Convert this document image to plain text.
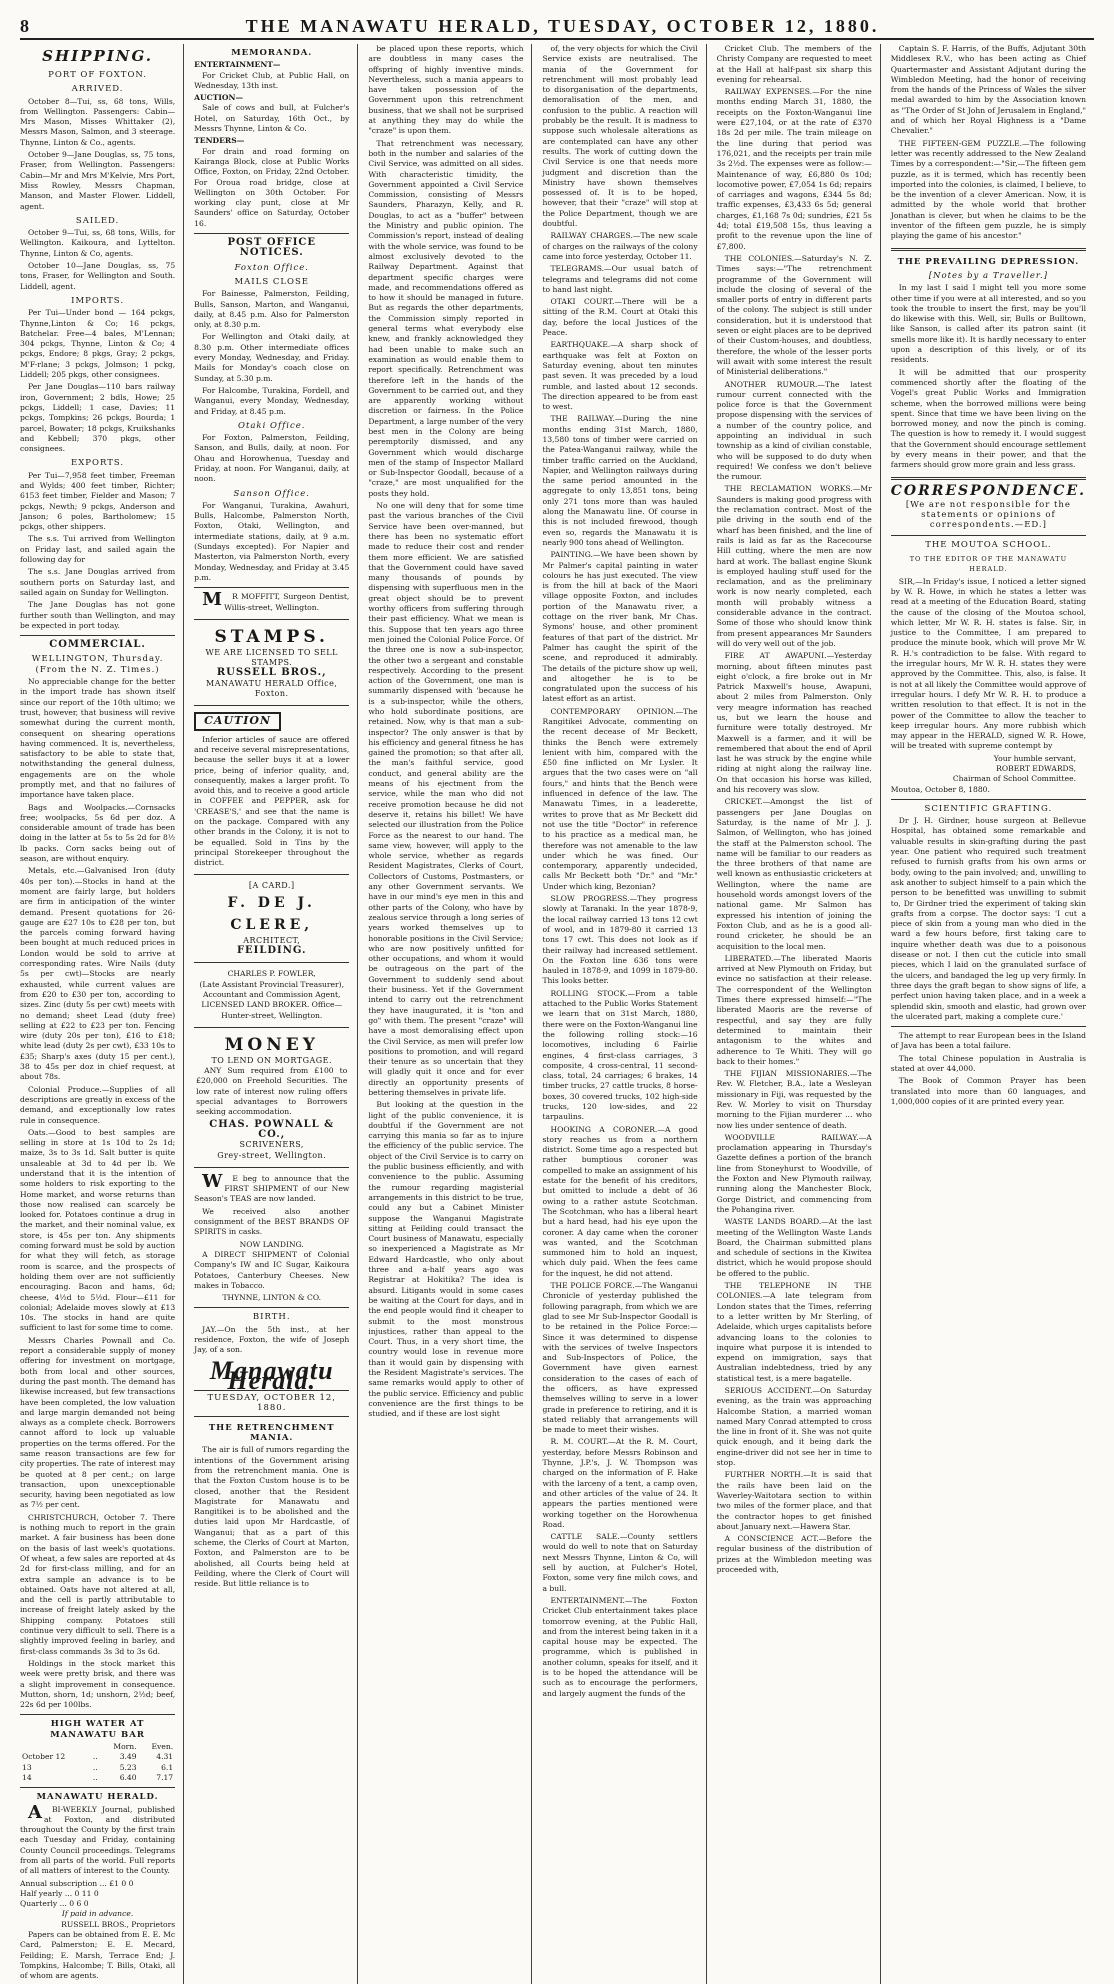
8	THE MANAWATU HERALD, TUESDAY, OCTOBER 12, 1880.
SHIPPING.
PORT OF FOXTON.
ARRIVED.

October 8—Tui, ss, 68 tons, Wills, from Wellington. Passengers: Cabin—Mrs Mason, Misses Whittaker (2), Messrs Mason, Salmon, and 3 steerage. Thynne, Linton & Co., agents.

October 9—Jane Douglas, ss, 75 tons, Fraser, from Wellington. Passengers: Cabin—Mr and Mrs M'Kelvie, Mrs Port, Miss Rowley, Messrs Chapman, Manson, and Master Flower. Liddell, agent.

SAILED.

October 9—Tui, ss, 68 tons, Wills, for Wellington. Kaikoura, and Lyttelton. Thynne, Linton & Co, agents.

October 10—Jane Douglas, ss, 75 tons, Fraser, for Wellington and South. Liddell, agent.

IMPORTS.

Per Tui—Under bond — 164 pckgs, Thynne,Linton & Co; 16 pckgs, Batchelar. Free—4 bales, M'Lennan; 304 pckgs, Thynne, Linton & Co; 4 pckgs, Endore; 8 pkgs, Gray; 2 pckgs, M'F-rlane; 3 pckgs, Jolmson; 1 pckg, Liddell; 205 pkgs, other consignees.

Per Jane Douglas—110 bars railway iron, Government; 2 bdls, Howe; 25 pckgs, Liddell; 1 case, Davies; 11 pckgs, Tompkins; 26 pckgs, Bourda; 1 parcel, Bowater; 18 pckgs, Kruikshanks and Kebbell; 370 pkgs, other consignees.

EXPORTS.

Per Tui—7,958 feet timber, Freeman and Wylds; 400 feet timber, Richter; 6153 feet timber, Fielder and Mason; 7 pckgs, Newth; 9 pckgs, Anderson and Janson; 6 poles, Bartholomew; 15 pckgs, other shippers.

The s.s. Tui arrived from Wellington on Friday last, and sailed again the following day for

The s.s. Jane Douglas arrived from southern ports on Saturday last, and sailed again on Sunday for Wellington.

The Jane Douglas has not gone further south than Wellington, and may be expected in port today.

COMMERCIAL.
WELLINGTON, Thursday. (From the N. Z. Times.)

No appreciable change for the better in the import trade has shown itself since our report of the 10th ultimo; we trust, however, that business will revive somewhat during the current month, consequent on shearing operations having commenced. It is, nevertheless, satisfactory to be able to state that, notwithstanding the general dulness, engagements are on the whole promptly met, and that no failures of importance have taken place.

Bags and Woolpacks.—Cornsacks free; woolpacks, 5s 6d per doz. A considerable amount of trade has been doing in the latter at 5s to 5s 2d for 8½ lb packs. Corn sacks being out of season, are without enquiry.

Metals, etc.—Galvanised Iron (duty 40s per ton).—Stocks in hand at the moment are fairly large, but holders are firm in anticipation of the winter demand. Present quotations for 26-gauge are £27 10s to £28 per ton, but the parcels coming forward having been bought at much reduced prices in London would be sold to arrive at corresponding rates. Wire Nails (duty 5s per cwt)—Stocks are nearly exhausted, while current values are from £20 to £30 per ton, according to sizes. Zinc (duty 5s per cwt) meets with no demand; sheet Lead (duty free) selling at £22 to £23 per ton. Fencing wire (duty 20s per ton), £16 to £18; white lead (duty 2s per cwt), £33 10s to £35; Sharp's axes (duty 15 per cent.), 38 to 45s per doz in chief request, at about 78s.

Colonial Produce.—Supplies of all descriptions are greatly in excess of the demand, and exceptionally low rates rule in consequence.

Oats.—Good to best samples are selling in store at 1s 10d to 2s 1d; maize, 3s to 3s 1d. Salt butter is quite unsaleable at 3d to 4d per lb. We understand that it is the intention of some holders to risk exporting to the Home market, and worse returns than those now realised can scarcely be looked for. Potatoes continue a drug in the market, and their nominal value, ex store, is 45s per ton. Any shipments coming forward must be sold by auction for what they will fetch, as storage room is scarce, and the prospects of holding them over are not sufficiently encouraging. Bacon and hams, 6d; cheese, 4½d to 5½d. Flour—£11 for colonial; Adelaide moves slowly at £13 10s. The stocks in hand are quite sufficient to last for some time to come.

Messrs Charles Pownall and Co. report a considerable supply of money offering for investment on mortgage, both from local and other sources, during the past month. The demand has likewise increased, but few transactions have been completed, the low valuation and large margin demanded not being always as a complete check. Borrowers cannot afford to lock up valuable properties on the terms offered. For the same reason transactions are few for city properties. The rate of interest may be quoted at 8 per cent.; on large transaction, upon unexceptionable security, having been negotiated as low as 7½ per cent.

CHRISTCHURCH, October 7. There is nothing much to report in the grain market. A fair business has been done on the basis of last week's quotations. Of wheat, a few sales are reported at 4s 2d for first-class milling, and for an extra sample an advance is to be obtained. Oats have not altered at all, and the cell is partly attributable to increase of freight lately asked by the Shipping company. Potatoes still continue very difficult to sell. There is a slightly improved feeling in barley, and first-class commands 3s 3d to 3s 6d.

Holdings in the stock market this week were pretty brisk, and there was a slight improvement in consequence. Mutton, shorn, 1d; unshorn, 2½d; beef, 22s 6d per 100lbs.

HIGH WATER AT MANAWATU BAR
		Morn.	Even.
October 12	..	3.49	4.31
13	..	5.23	6.1
14	..	6.40	7.17
MANAWATU HERALD.

ABI-WEEKLY Journal, published at Foxton, and distributed throughout the County by the first train each Tuesday and Friday, containing County Council proceedings. Telegrams from all parts of the world. Full reports of all matters of interest to the County.

Annual subscription ... £1 0 0
Half yearly ... 0 11 0
Quarterly ... 0 6 0
If paid in advance.
RUSSELL BROS., Proprietors

Papers can be obtained from E. E. Mc Card, Palmerston; E. E. Mecard, Feilding; E. Marsh, Terrace End; J. Tompkins, Halcombe; T. Bills, Otaki, all of whom are agents.

MEMORANDA.
ENTERTAINMENT—

For Cricket Club, at Public Hall, on Wednesday, 13th inst.

AUCTION—

Sale of cows and bull, at Fulcher's Hotel, on Saturday, 16th Oct., by Messrs Thynne, Linton & Co.

TENDERS—

For drain and road forming on Kairanga Block, close at Public Works Office, Foxton, on Friday, 22nd October. For Oroua road bridge, close at Wellington on 30th October. For working clay punt, close at Mr Saunders' office on Saturday, October 16.

POST OFFICE NOTICES.
Foxton Office.
MAILS CLOSE

For Bainesse, Palmerston, Feilding, Bulls, Sanson, Marton, and Wanganui, daily, at 8.45 p.m. Also for Palmerston only, at 8.30 p.m.

For Wellington and Otaki daily, at 8.30 p.m. Other intermediate offices every Monday, Wednesday, and Friday. Mails for Monday's coach close on Sunday, at 5.30 p.m.

For Halcombe, Turakina, Fordell, and Wanganui, every Monday, Wednesday, and Friday, at 8.45 p.m.

Otaki Office.

For Foxton, Palmerston, Feilding, Sanson, and Bulls, daily, at noon. For Ohau and Horowhenua, Tuesday and Friday, at noon. For Wanganui, daily, at noon.

Sanson Office.

For Wanganui, Turakina, Awahuri, Bulls, Halcombe, Palmerston North, Foxton, Otaki, Wellington, and intermediate stations, daily, at 9 a.m. (Sundays excepted). For Napier and Masterton, via Palmerston North, every Monday, Wednesday, and Friday at 3.45 p.m.

MR MOFFITT, Surgeon Dentist, Willis-street, Wellington.

STAMPS.
WE ARE LICENSED TO SELL STAMPS.
RUSSELL BROS.,
MANAWATU HERALD Office, Foxton.
CAUTION

Inferior articles of sauce are offered and receive several misrepresentations, because the seller buys it at a lower price, being of inferior quality, and, consequently, makes a larger profit. To avoid this, and to receive a good article in COFFEE and PEPPER, ask for 'CREASE'S,' and see that the name is on the package. Compared with any other brands in the Colony, it is not to be equalled. Sold in Tins by the principal Storekeeper throughout the district.

[A CARD.]
F. DE J. CLERE,
ARCHITECT,
FEILDING.
CHARLES P. FOWLER,

(Late Assistant Provincial Treasurer), Accountant and Commission Agent, LICENSED LAND BROKER. Office—Hunter-street, Wellington.

MONEY
TO LEND ON MORTGAGE.

ANY Sum required from £100 to £20,000 on Freehold Securities. The low rate of interest now ruling offers special advantages to Borrowers seeking accommodation.

CHAS. POWNALL & CO.,
SCRIVENERS,
Grey-street, Wellington.

WE beg to announce that the FIRST SHIPMENT of our New Season's TEAS are now landed.

We received also another consignment of the BEST BRANDS OF SPIRITS in casks.

NOW LANDING.

A DIRECT SHIPMENT of Colonial Company's IW and IC Sugar, Kaikoura Potatoes, Canterbury Cheeses. New makes in Tobacco.

THYNNE, LINTON & CO.
BIRTH.

JAY.—On the 5th inst., at her residence, Foxton, the wife of Joseph Jay, of a son.

Manawatu Herald.
TUESDAY, OCTOBER 12, 1880.
THE RETRENCHMENT MANIA.

The air is full of rumors regarding the intentions of the Government arising from the retrenchment mania. One is that the Foxton Custom house is to be closed, another that the Resident Magistrate for Manawatu and Rangitikei is to be abolished and the duties laid upon Mr Hardcastle, of Wanganui; that as a part of this scheme, the Clerks of Court at Marton, Foxton, and Palmerston are to be abolished, all Courts being held at Feilding, where the Clerk of Court will reside. But little reliance is to

be placed upon these reports, which are doubtless in many cases the offspring of highly inventive minds. Nevertheless, such a mania appears to have taken possession of the Government upon this retrenchment business, that we shall not be surprised at anything they may do while the "craze" is upon them.

That retrenchment was necessary, both in the number and salaries of the Civil Service, was admitted on all sides. With characteristic timidity, the Government appointed a Civil Service Commission, consisting of Messrs Saunders, Pharazyn, Kelly, and R. Douglas, to act as a "buffer" between the Ministry and public opinion. The Commission's report, instead of dealing with the whole service, was found to be almost exclusively devoted to the Railway Department. Against that department specific charges were made, and recommendations offered as to how it should be managed in future. But as regards the other departments, the Commission simply reported in general terms what everybody else knew, and frankly acknowledged they had been unable to make such an examination as would enable them to report specifically. Retrenchment was therefore left in the hands of the Government to be carried out, and they are apparently working without discretion or fairness. In the Police Department, a large number of the very best men in the Colony are being peremptorily dismissed, and any Government which would discharge men of the stamp of Inspector Mallard or Sub-Inspector Goodall, because of a "craze," are most unqualified for the posts they hold.

No one will deny that for some time past the various branches of the Civil Service have been over-manned, but there has been no systematic effort made to reduce their cost and render them more efficient. We are satisfied that the Government could have saved many thousands of pounds by dispensing with superfluous men in the great object should be to prevent worthy officers from suffering through their past efficiency. What we mean is this. Suppose that ten years ago three men joined the Colonial Police Force. Of the three one is now a sub-inspector, the other two a sergeant and constable respectively. According to the present action of the Government, one man is summarily dispensed with 'because he is a sub-inspector, while the others, who hold subordinate positions, are retained. Now, why is that man a sub-inspector? The only answer is that by his efficiency and general fitness he has gained the promotion; so that after all, the man's faithful service, good conduct, and general ability are the means of his ejectment from the service, while the man who did not receive promotion because he did not deserve it, retains his billet! We have selected our illustration from the Police Force as the nearest to our hand. The same view, however, will apply to the whole service, whether as regards Resident Magistrates, Clerks of Court, Collectors of Customs, Postmasters, or any other Government servants. We have in our mind's eye men in this and other parts of the Colony, who have by zealous service through a long series of years worked themselves up to honorable positions in the Civil Service; who are now positively unfitted for other occupations, and whom it would be outrageous on the part of the Government to suddenly send about their business. Yet if the Government intend to carry out the retrenchment they have inaugurated, it is "ton and go" with them. The present "craze" will have a most demoralising effect upon the Civil Service, as men will prefer low positions to promotion, and will regard their tenure as so uncertain that they will gladly quit it once and for ever directly an opportunity presents of bettering themselves in private life.

But looking at the question in the light of the public convenience, it is doubtful if the Government are not carrying this mania so far as to injure the efficiency of the public service. The object of the Civil Service is to carry on the public business efficiently, and with convenience to the public. Assuming the rumour regarding magisterial arrangements in this district to be true, could any but a Cabinet Minister suppose the Wanganui Magistrate sitting at Feilding could transact the Court business of Manawatu, especially so inexperienced a Magistrate as Mr Edward Hardcastle, who only about three and a-half years ago was Registrar at Hokitika? The idea is absurd. Litigants would in some cases be waiting at the Court for days, and in the end people would find it cheaper to submit to the most monstrous injustices, rather than appeal to the Court. Thus, in a very short time, the country would lose in revenue more than it would gain by dispensing with the Resident Magistrate's services. The same remarks would apply to other of the public service. Efficiency and public convenience are the first things to be studied, and if these are lost sight

of, the very objects for which the Civil Service exists are neutralised. The mania of the Government for retrenchment will most probably lead to disorganisation of the departments, demoralisation of the men, and confusion to the public. A reaction will probably be the result. It is madness to suppose such wholesale alterations as are contemplated can have any other results. The work of cutting down the Civil Service is one that needs more judgment and discretion than the Ministry have shown themselves possessed of. It is to be hoped, however, that their "craze" will stop at the Police Department, though we are doubtful.

RAILWAY CHARGES.—The new scale of charges on the railways of the colony came into force yesterday, October 11.

TELEGRAMS.—Our usual batch of telegrams and telegrams did not come to hand last night.

OTAKI COURT.—There will be a sitting of the R.M. Court at Otaki this day, before the local Justices of the Peace.

EARTHQUAKE.—A sharp shock of earthquake was felt at Foxton on Saturday evening, about ten minutes past seven. It was preceded by a loud rumble, and lasted about 12 seconds. The direction appeared to be from east to west.

THE RAILWAY.—During the nine months ending 31st March, 1880, 13,580 tons of timber were carried on the Patea-Wanganui railway, while the timber traffic carried on the Auckland, Napier, and Wellington railways during the same period amounted in the aggregate to only 13,851 tons, being only 271 tons more than was hauled along the Manawatu line. Of course in this is not included firewood, though even so, regards the Manawatu it is nearly 900 tons ahead of Wellington.

PAINTING.—We have been shown by Mr Palmer's capital painting in water colours he has just executed. The view is from the hill at back of the Maori village opposite Foxton, and includes portion of the Manawatu river, a cottage on the river bank, Mr Chas. Symons' house, and other prominent features of that part of the district. Mr Palmer has caught the spirit of the scene, and reproduced it admirably. The details of the picture show up well, and altogether he is to be congratulated upon the success of his latest effort as an artist.

CONTEMPORARY OPINION.—The Rangitikei Advocate, commenting on the recent decease of Mr Beckett, thinks the Bench were extremely lenient with him, compared with the £50 fine inflicted on Mr Lysler. It argues that the two cases were on "all fours," and hints that the Bench were influenced in defence of the law. The Manawatu Times, in a leaderette, writes to prove that as Mr Beckett did not use the title "Doctor" in reference to his practice as a medical man, he therefore was not amenable to the law under which he was fined. Our contemporary, apparently undecided, calls Mr Beckett both "Dr." and "Mr." Under which king, Bezonian?

SLOW PROGRESS.—They progress slowly at Taranaki. In the year 1878-9, the local railway carried 13 tons 12 cwt of wool, and in 1879-80 it carried 13 tons 17 cwt. This does not look as if their railway had increased settlement. On the Foxton line 636 tons were hauled in 1878-9, and 1099 in 1879-80. This looks better.

ROLLING STOCK.—From a table attached to the Public Works Statement we learn that on 31st March, 1880, there were on the Foxton-Wanganui line the following rolling stock:—16 locomotives, including 6 Fairlie engines, 4 first-class carriages, 3 composite, 4 cross-central, 11 second-class, total, 24 carriages; 6 brakes, 14 timber trucks, 27 cattle trucks, 8 horse-boxes, 30 covered trucks, 102 high-side trucks, 120 low-sides, and 22 tarpaulins.

HOOKING A CORONER.—A good story reaches us from a northern district. Some time ago a respected but rather bumptious coroner was compelled to make an assignment of his estate for the benefit of his creditors, but omitted to include a debt of 36 owing to a rather astute Scotchman. The Scotchman, who has a liberal heart but a hard head, had his eye upon the coroner. A day came when the coroner was wanted, and the Scotchman summoned him to hold an inquest, which duly paid. When the fees came for the inquest, he did not attend.

THE POLICE FORCE.—The Wanganui Chronicle of yesterday published the following paragraph, from which we are glad to see Mr Sub-Inspector Goodall is to be retained in the Police Force:—Since it was determined to dispense with the services of twelve Inspectors and Sub-Inspectors of Police, the Government have given earnest consideration to the cases of each of the officers, as have expressed themselves willing to serve in a lower grade in preference to retiring, and it is stated reliably that arrangements will be made to meet their wishes.

R. M. COURT.—At the R. M. Court, yesterday, before Messrs Robinson and Thynne, J.P.'s, J. W. Thompson was charged on the information of F. Hake with the larceny of a tent, a camp oven, and other articles of the value of 24. It appears the parties mentioned were working together on the Horowhenua Road.

CATTLE SALE.—County settlers would do well to note that on Saturday next Messrs Thynne, Linton & Co, will sell by auction, at Fulcher's Hotel, Foxton, some very fine milch cows, and a bull.

ENTERTAINMENT.—The Foxton Cricket Club entertainment takes place tomorrow evening, at the Public Hall, and from the interest being taken in it a capital house may be expected. The programme, which is published in another column, speaks for itself, and it is to be hoped the attendance will be such as to encourage the performers, and largely augment the funds of the

Cricket Club. The members of the Christy Company are requested to meet at the Hall at half-past six sharp this evening for rehearsal.

RAILWAY EXPENSES.—For the nine months ending March 31, 1880, the receipts on the Foxton-Wanganui line were £27,104, or at the rate of £370 18s 2d per mile. The train mileage on the line during that period was 176,021, and the receipts per train mile 3s 2½d. The expenses were as follow:—Maintenance of way, £6,880 0s 10d; locomotive power, £7,054 1s 6d; repairs of carriages and wagons, £344 5s 8d; traffic expenses, £3,433 6s 5d; general charges, £1,168 7s 0d; sundries, £21 5s 4d; total £19,508 15s, thus leaving a profit to the revenue upon the line of £7,800.

THE COLONIES.—Saturday's N. Z. Times says:—"The retrenchment programme of the Government will include the closing of several of the smaller ports of entry in different parts of the colony. The subject is still under consideration, but it is understood that seven or eight places are to be deprived of their Custom-houses, and doubtless, therefore, the whole of the lesser ports will await with some interest the result of Ministerial deliberations."

ANOTHER RUMOUR.—The latest rumour current connected with the police force is that the Government propose dispensing with the services of a number of the country police, and appointing an individual in such township as a kind of civilian constable, who will be supposed to do duty when required! We confess we don't believe the rumour.

THE RECLAMATION WORKS.—Mr Saunders is making good progress with the reclamation contract. Most of the pile driving in the south end of the wharf has been finished, and the line of rails is laid as far as the Racecourse Hill cutting, where the men are now hard at work. The ballast engine Skunk is employed hauling stuff used for the reclamation, and as the preliminary work is now nearly completed, each month will probably witness a considerable advance in the contract. Some of those who should know think from present appearances Mr Saunders will do very well out of the job.

FIRE AT AWAPUNI.—Yesterday morning, about fifteen minutes past eight o'clock, a fire broke out in Mr Patrick Maxwell's house, Awapuni, about 2 miles from Palmerston. Only very meagre information has reached us, but we learn the house and furniture were totally destroyed. Mr Maxwell is a farmer, and it will be remembered that about the end of April last he was struck by the engine while riding at night along the railway line. On that occasion his horse was killed, and his recovery was slow.

CRICKET.—Amongst the list of passengers per Jane Douglas on Saturday, is the name of Mr J. J. Salmon, of Wellington, who has joined the staff at the Palmerston school. The name will be familiar to our readers as the three brothers of that name are well known as enthusiastic cricketers at Wellington, where the name are household words amongst lovers of the national game. Mr Salmon has expressed his intention of joining the Foxton Club, and as he is a good all-round cricketer, he should be an acquisition to the local men.

LIBERATED.—The liberated Maoris arrived at New Plymouth on Friday, but evince no satisfaction at their release. The correspondent of the Wellington Times there expressed himself:—"The liberated Maoris are the reverse of respectful, and say they are fully determined to maintain their antagonism to the whites and adherence to Te Whiti. They will go back to their homes."

THE FIJIAN MISSIONARIES.—The Rev. W. Fletcher, B.A., late a Wesleyan missionary in Fiji, was requested by the Rev. W. Morley to visit on Thursday morning to the Fijian murderer ... who now lies under sentence of death.

WOODVILLE RAILWAY.—A proclamation appearing in Thursday's Gazette defines a portion of the branch line from Stoneyhurst to Woodville, of the Foxton and New Plymouth railway, running along the Manchester Block, Gorge District, and commencing from the Pohangina river.

WASTE LANDS BOARD.—At the last meeting of the Wellington Waste Lands Board, the Chairman submitted plans and schedule of sections in the Kiwitea district, which he would propose should be offered to the public.

THE TELEPHONE IN THE COLONIES.—A late telegram from London states that the Times, referring to a letter written by Mr Sterling, of Adelaide, which urges capitalists before advancing loans to the colonies to inquire what purpose it is intended to expend on immigration, says that Australian indebtedness, tried by any statistical test, is a mere bagatelle.

SERIOUS ACCIDENT.—On Saturday evening, as the train was approaching Halcombe Station, a married woman named Mary Conrad attempted to cross the line in front of it. She was not quite quick enough, and it being dark the engine-driver did not see her in time to stop.

FURTHER NORTH.—It is said that the rails have been laid on the Waverley-Waitotara section to within two miles of the former place, and that the contractor hopes to get finished about January next.—Hawera Star.

A CONSCIENCE ACT.—Before the regular business of the distribution of prizes at the Wimbledon meeting was proceeded with,

Captain S. F. Harris, of the Buffs, Adjutant 30th Middlesex R.V., who has been acting as Chief Quartermaster and Assistant Adjutant during the Wimbledon Meeting, had the honor of receiving from the hands of the Princess of Wales the silver medal awarded to him by the Association known as "The Order of St John of Jerusalem in England," and of which her Royal Highness is a "Dame Chevalier."

THE FIFTEEN-GEM PUZZLE.—The following letter was recently addressed to the New Zealand Times by a correspondent:—"Sir,—The fifteen gem puzzle, as it is termed, which has recently been imported into the colonies, is claimed, I believe, to be the invention of a clever American. Now, it is admitted by the whole world that brother Jonathan is clever, but when he claims to be the inventor of the fifteen gem puzzle, he is simply playing the game of his ancestor."

THE PREVAILING DEPRESSION.
[Notes by a Traveller.]

In my last I said I might tell you more some other time if you were at all interested, and so you took the trouble to insert the first, may be you'll do likewise with this. Well, sir, Bulls or Bulltown, like Sanson, is called after its patron saint (it smells more like it). It is hardly necessary to enter upon a description of this lively, or of its residents.

It will be admitted that our prosperity commenced shortly after the floating of the Vogel's great Public Works and Immigration scheme, when the borrowed millions were being spent. Since that time we have been living on the borrowed money, and now the pinch is coming. The question is how to remedy it. I would suggest that the Government should encourage settlement by every means in their power, and that the farmers should grow more grain and less grass.

CORRESPONDENCE.
[We are not responsible for the statements or opinions of correspondents.—ED.]
THE MOUTOA SCHOOL.
TO THE EDITOR OF THE MANAWATU HERALD.

SIR,—In Friday's issue, I noticed a letter signed by W. R. Howe, in which he states a letter was read at a meeting of the Education Board, stating the cause of the closing of the Moutoa school, which letter, Mr W. R. H. states is false. Sir, in justice to the Committee, I am prepared to produce the minute book, which will prove Mr W. R. H.'s contradiction to be false. With regard to the irregular hours, Mr W. R. H. states they were approved by the Committee. This, also, is false. It is not at all likely the Committee would approve of irregular hours. I defy Mr W. R. H. to produce a written resolution to that effect. It is not in the power of the Committee to allow the teacher to keep irregular hours. Any more rubbish which may appear in the HERALD, signed W. R. Howe, will be treated with supreme contempt by

Your humble servant,
ROBERT EDWARDS,
Chairman of School Committee.
Moutoa, October 8, 1880.
SCIENTIFIC GRAFTING.

Dr J. H. Girdner, house surgeon at Bellevue Hospital, has obtained some remarkable and valuable results in skin-grafting during the past year. One patient who required such treatment refused to furnish grafts from his own arms or body, owing to the pain involved; and, unwilling to ask another to subject himself to a pain which the person to be benefitted was unwilling to submit to, Dr Girdner tried the experiment of taking skin grafts from a corpse. The doctor says: 'I cut a piece of skin from a young man who died in the ward a few hours before, first taking care to inquire whether death was due to a poisonous disease or not. I then cut the cuticle into small pieces, which I laid on the granulated surface of the ulcers, and bandaged the leg up very firmly. In three days the graft began to show signs of life, a perfect union having taken place, and in a week a splendid skin, smooth and elastic, had grown over the ulcerated part, making a complete cure.'

The attempt to rear European bees in the Island of Java has been a total failure.

The total Chinese population in Australia is stated at over 44,000.

The Book of Common Prayer has been translated into more than 60 languages, and 1,000,000 copies of it are printed every year.
